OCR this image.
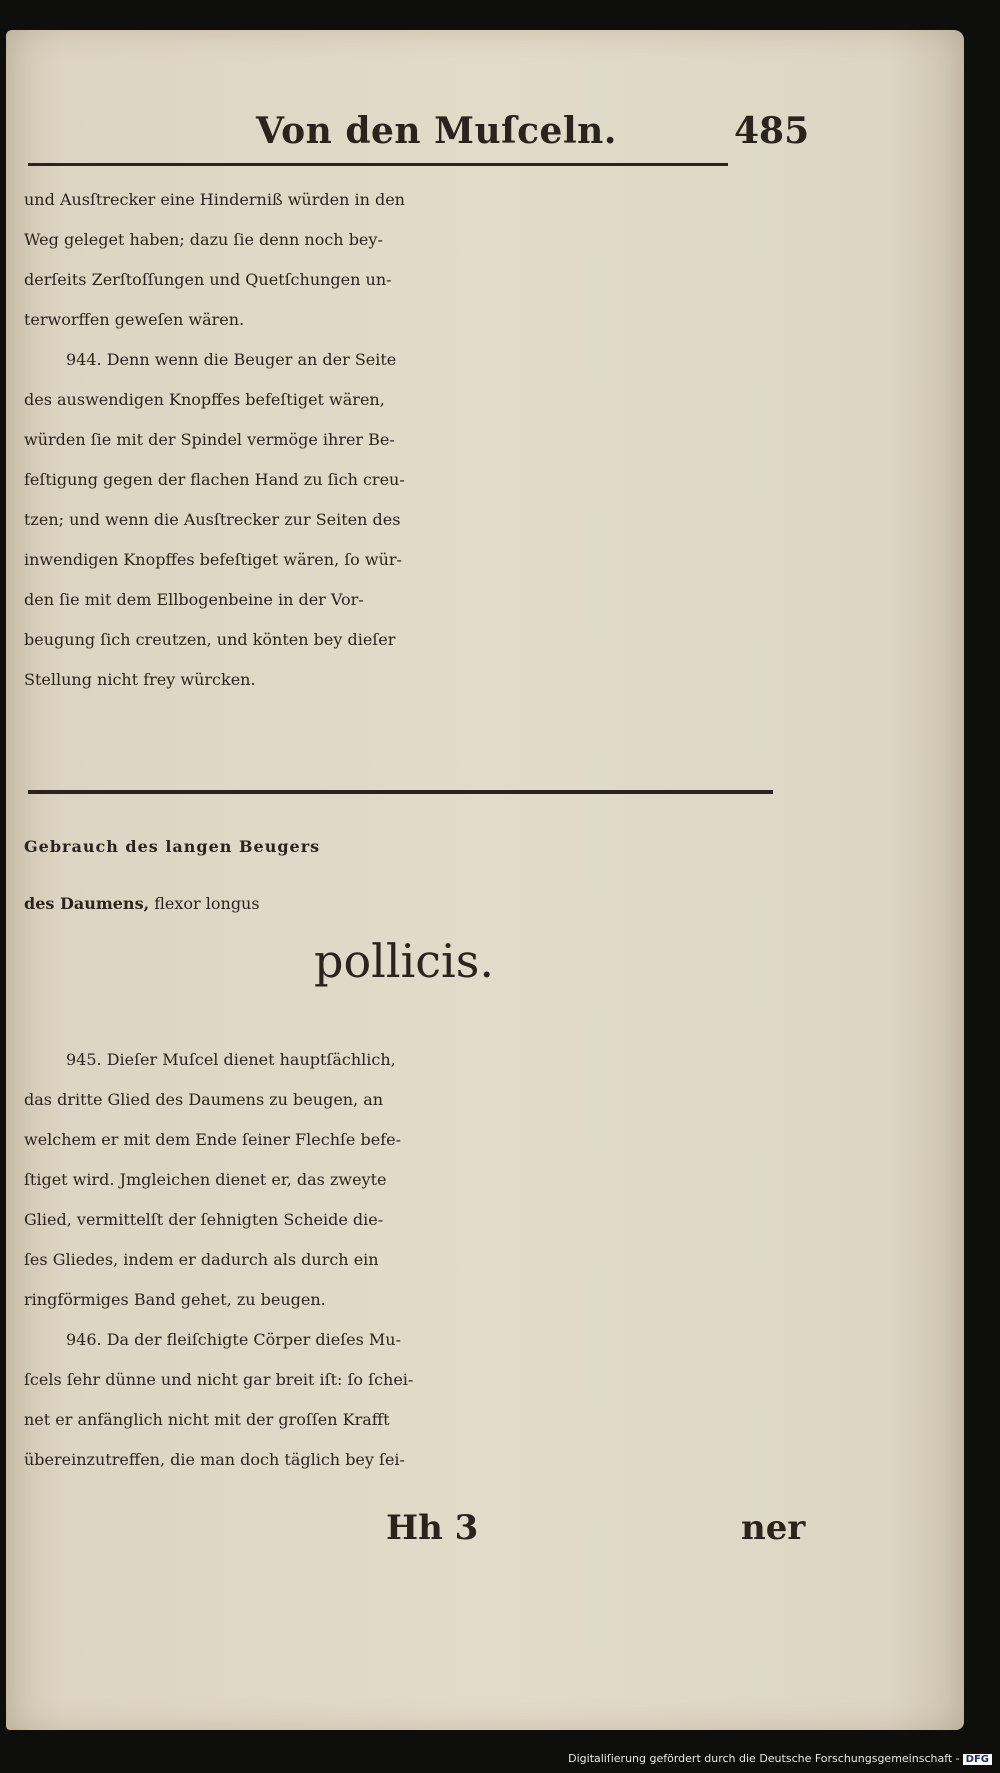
Von den Muſceln.	485
und Ausſtrecker eine Hinderniß würden in den
Weg geleget haben; dazu ſie denn noch bey-
derſeits Zerſtoſſungen und Quetſchungen un-
terworffen geweſen wären.
944. Denn wenn die Beuger an der Seite
des auswendigen Knopffes befeſtiget wären,
würden ſie mit der Spindel vermöge ihrer Be-
feſtigung gegen der flachen Hand zu ſich creu-
tzen; und wenn die Ausſtrecker zur Seiten des
inwendigen Knopffes befeſtiget wären, ſo wür-
den ſie mit dem Ellbogenbeine in der Vor-
beugung ſich creutzen, und könten bey dieſer
Stellung nicht frey würcken.
Gebrauch des langen Beugers
des Daumens, flexor longus
pollicis.
945. Dieſer Muſcel dienet hauptſächlich,
das dritte Glied des Daumens zu beugen, an
welchem er mit dem Ende ſeiner Flechſe befe-
ſtiget wird. Jmgleichen dienet er, das zweyte
Glied, vermittelſt der ſehnigten Scheide die-
ſes Gliedes, indem er dadurch als durch ein
ringförmiges Band gehet, zu beugen.
946. Da der fleiſchigte Cörper dieſes Mu-
ſcels ſehr dünne und nicht gar breit iſt: ſo ſchei-
net er anfänglich nicht mit der groſſen Krafft
übereinzutreffen, die man doch täglich bey ſei-
Hh 3	ner
Digitaliſierung gefördert durch die Deutsche Forschungsgemeinschaft - DFG
